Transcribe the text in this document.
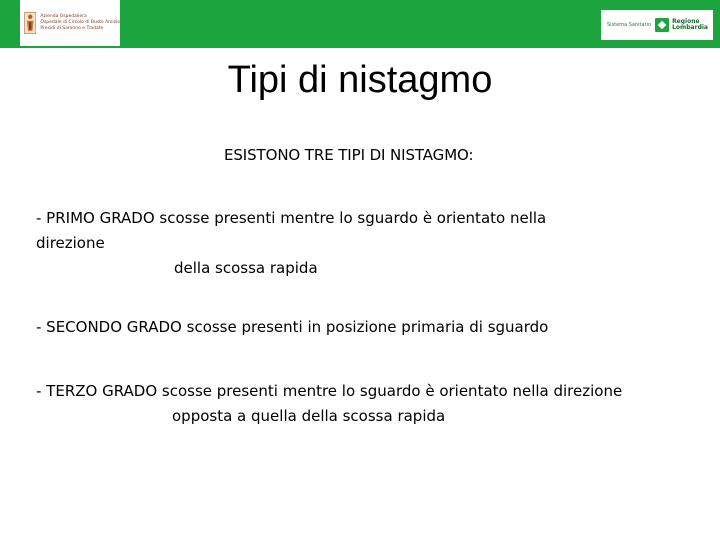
Azienda Ospedaliera
Ospedale di Circolo di Busto Arsizio
Presidi di Saronno e Tradate
Sistema Sanitario	Regione
Lombardia
Tipi di nistagmo
ESISTONO TRE TIPI DI NISTAGMO:
- PRIMO GRADO scosse presenti mentre lo sguardo è orientato nella
direzione
della scossa rapida
- SECONDO GRADO scosse presenti in posizione primaria di sguardo
- TERZO GRADO scosse presenti mentre lo sguardo è orientato nella direzione
opposta a quella della scossa rapida
